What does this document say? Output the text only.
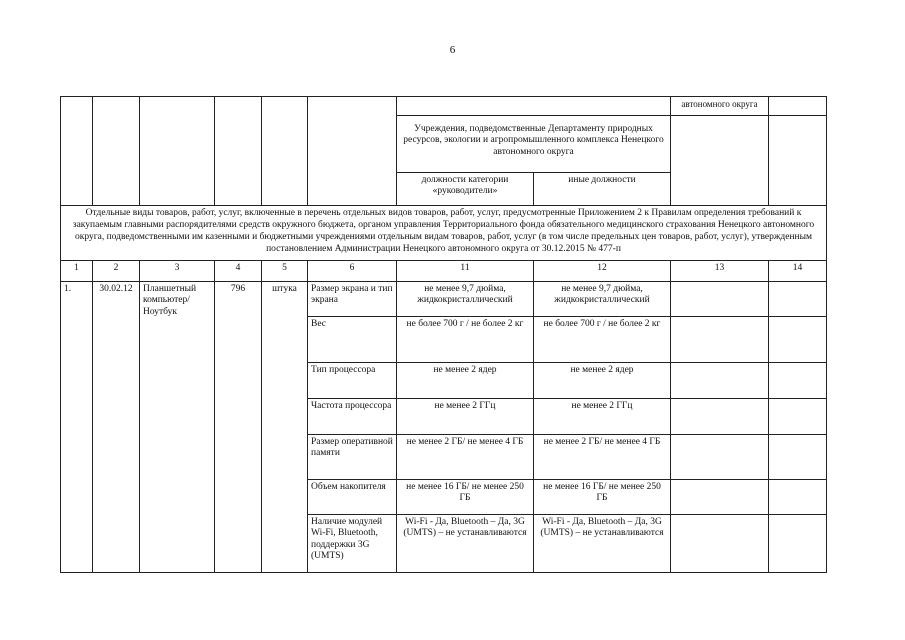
6
								автономного округа	
						Учреждения, подведомственные Департаменту природных ресурсов, экологии и агропромышленного комплекса Ненецкого автономного округа			
						должности категории «руководители»	иные должности		
Отдельные виды товаров, работ, услуг, включенные в перечень отдельных видов товаров, работ, услуг, предусмотренные Приложением 2 к Правилам определения требований к закупаемым главными распорядителями средств окружного бюджета, органом управления Территориального фонда обязательного медицинского страхования Ненецкого автономного округа, подведомственными им казенными и бюджетными учреждениями отдельным видам товаров, работ, услуг (в том числе предельных цен товаров, работ, услуг), утвержденным постановлением Администрации Ненецкого автономного округа от 30.12.2015 № 477-п									
1	2	3	4	5	6	11	12	13	14
1.	30.02.12	Планшетный компьютер/ Ноутбук	796	штука	Размер экрана и тип экрана	не менее 9,7 дюйма, жидкокристаллический	не менее 9,7 дюйма, жидкокристаллический		
					Вес	не более 700 г / не более 2 кг	не более 700 г / не более 2 кг		
					Тип процессора	не менее 2 ядер	не менее 2 ядер		
					Частота процессора	не менее 2 ГГц	не менее 2 ГГц		
					Размер оперативной памяти	не менее 2 ГБ/ не менее 4 ГБ	не менее 2 ГБ/ не менее 4 ГБ		
					Объем накопителя	не менее 16 ГБ/ не менее 250 ГБ	не менее 16 ГБ/ не менее 250 ГБ		
					Наличие модулей Wi-Fi, Bluetooth, поддержки 3G (UMTS)	Wi-Fi - Да, Bluetooth – Да, 3G (UMTS) – не устанавливаются	Wi-Fi - Да, Bluetooth – Да, 3G (UMTS) – не устанавливаются		
